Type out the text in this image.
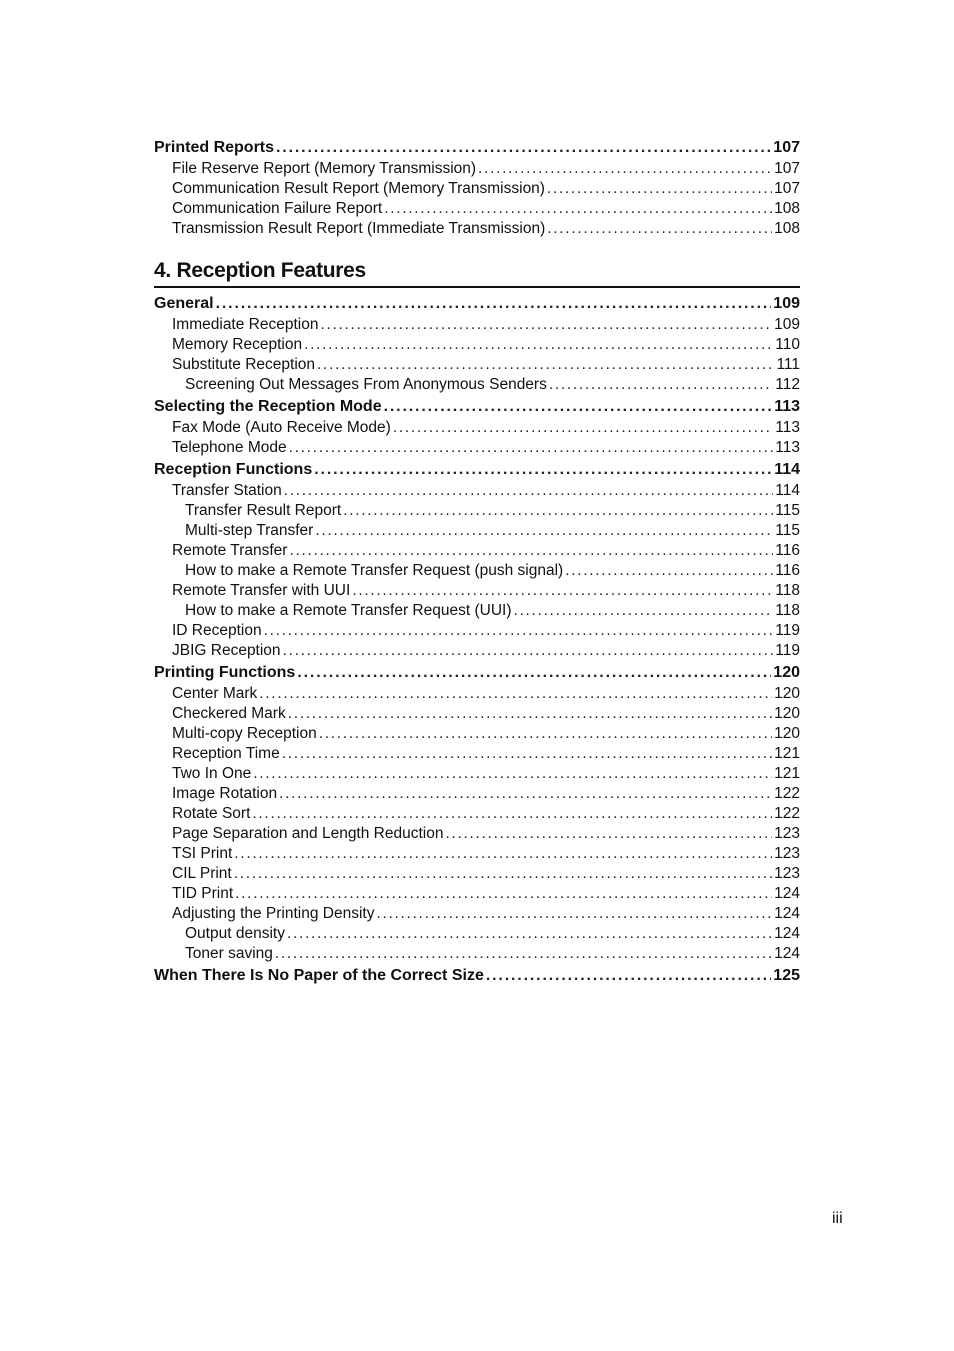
Printed Reports . . .	107
File Reserve Report (Memory Transmission) . . .	107
Communication Result Report (Memory Transmission) . . .	107
Communication Failure Report . . .	108
Transmission Result Report (Immediate Transmission) . . .	108
4. Reception Features
General . . .	109
Immediate Reception . . .	109
Memory Reception . . .	110
Substitute Reception . . .	111
Screening Out Messages From Anonymous Senders . . .	112
Selecting the Reception Mode . . .	113
Fax Mode (Auto Receive Mode) . . .	113
Telephone Mode . . .	113
Reception Functions . . .	114
Transfer Station . . .	114
Transfer Result Report . . .	115
Multi-step Transfer . . .	115
Remote Transfer . . .	116
How to make a Remote Transfer Request (push signal) . . .	116
Remote Transfer with UUI . . .	118
How to make a Remote Transfer Request (UUI) . . .	118
ID Reception . . .	119
JBIG Reception . . .	119
Printing Functions . . .	120
Center Mark . . .	120
Checkered Mark . . .	120
Multi-copy Reception . . .	120
Reception Time . . .	121
Two In One . . .	121
Image Rotation . . .	122
Rotate Sort . . .	122
Page Separation and Length Reduction . . .	123
TSI Print . . .	123
CIL Print . . .	123
TID Print . . .	124
Adjusting the Printing Density . . .	124
Output density . . .	124
Toner saving . . .	124
When There Is No Paper of the Correct Size . . .	125
iii
